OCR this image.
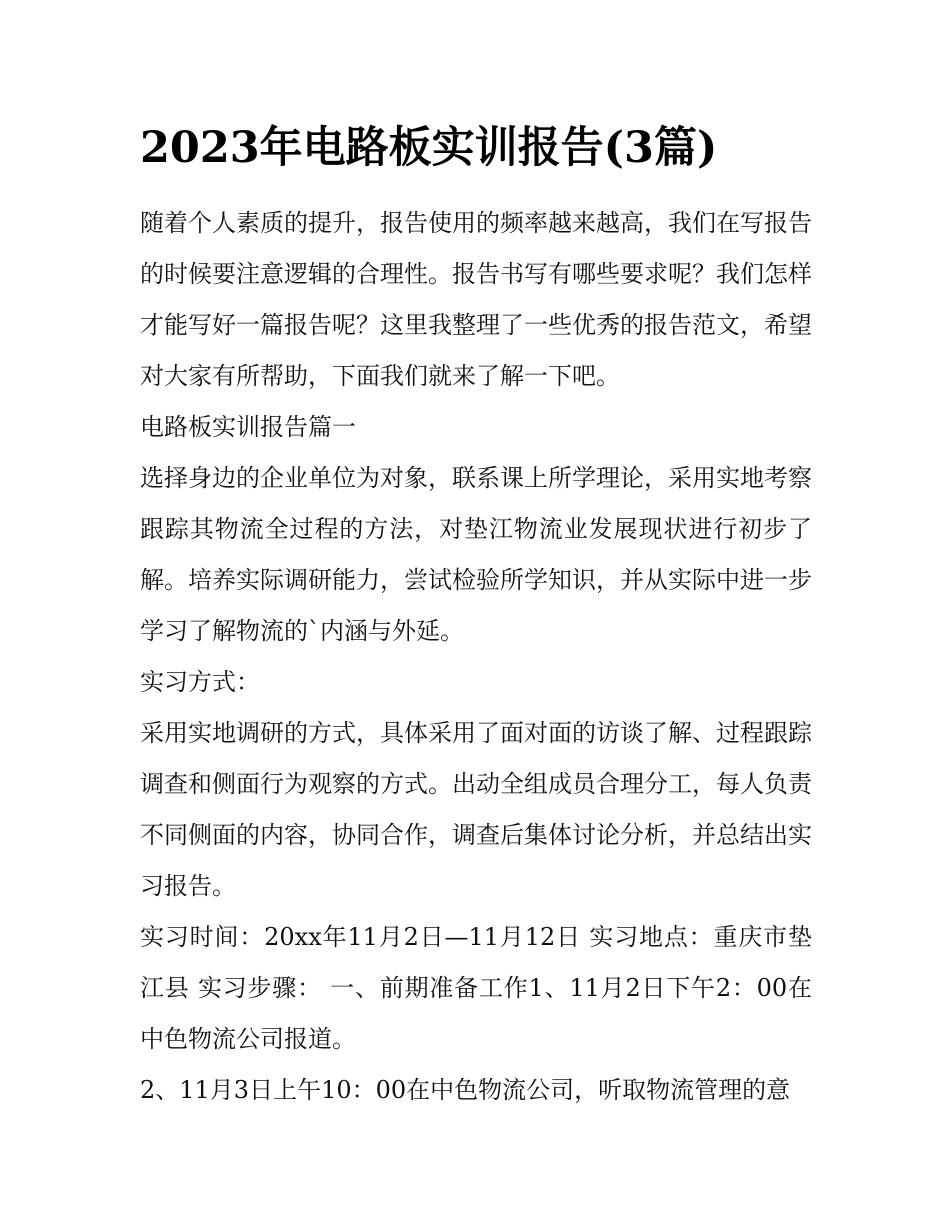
2023年电路板实训报告(3篇)

随着个人素质的提升，报告使用的频率越来越高，我们在写报告的时候要注意逻辑的合理性。报告书写有哪些要求呢？我们怎样才能写好一篇报告呢？这里我整理了一些优秀的报告范文，希望对大家有所帮助，下面我们就来了解一下吧。

电路板实训报告篇一

选择身边的企业单位为对象，联系课上所学理论，采用实地考察跟踪其物流全过程的方法，对垫江物流业发展现状进行初步了解。培养实际调研能力，尝试检验所学知识，并从实际中进一步学习了解物流的`内涵与外延。

实习方式：

采用实地调研的方式，具体采用了面对面的访谈了解、过程跟踪调查和侧面行为观察的方式。出动全组成员合理分工，每人负责不同侧面的内容，协同合作，调查后集体讨论分析，并总结出实习报告。

实习时间：20xx年11月2日—11月12日 实习地点：重庆市垫江县 实习步骤： 一、前期准备工作1、11月2日下午2：00在中色物流公司报道。

2、11月3日上午10：00在中色物流公司，听取物流管理的意
